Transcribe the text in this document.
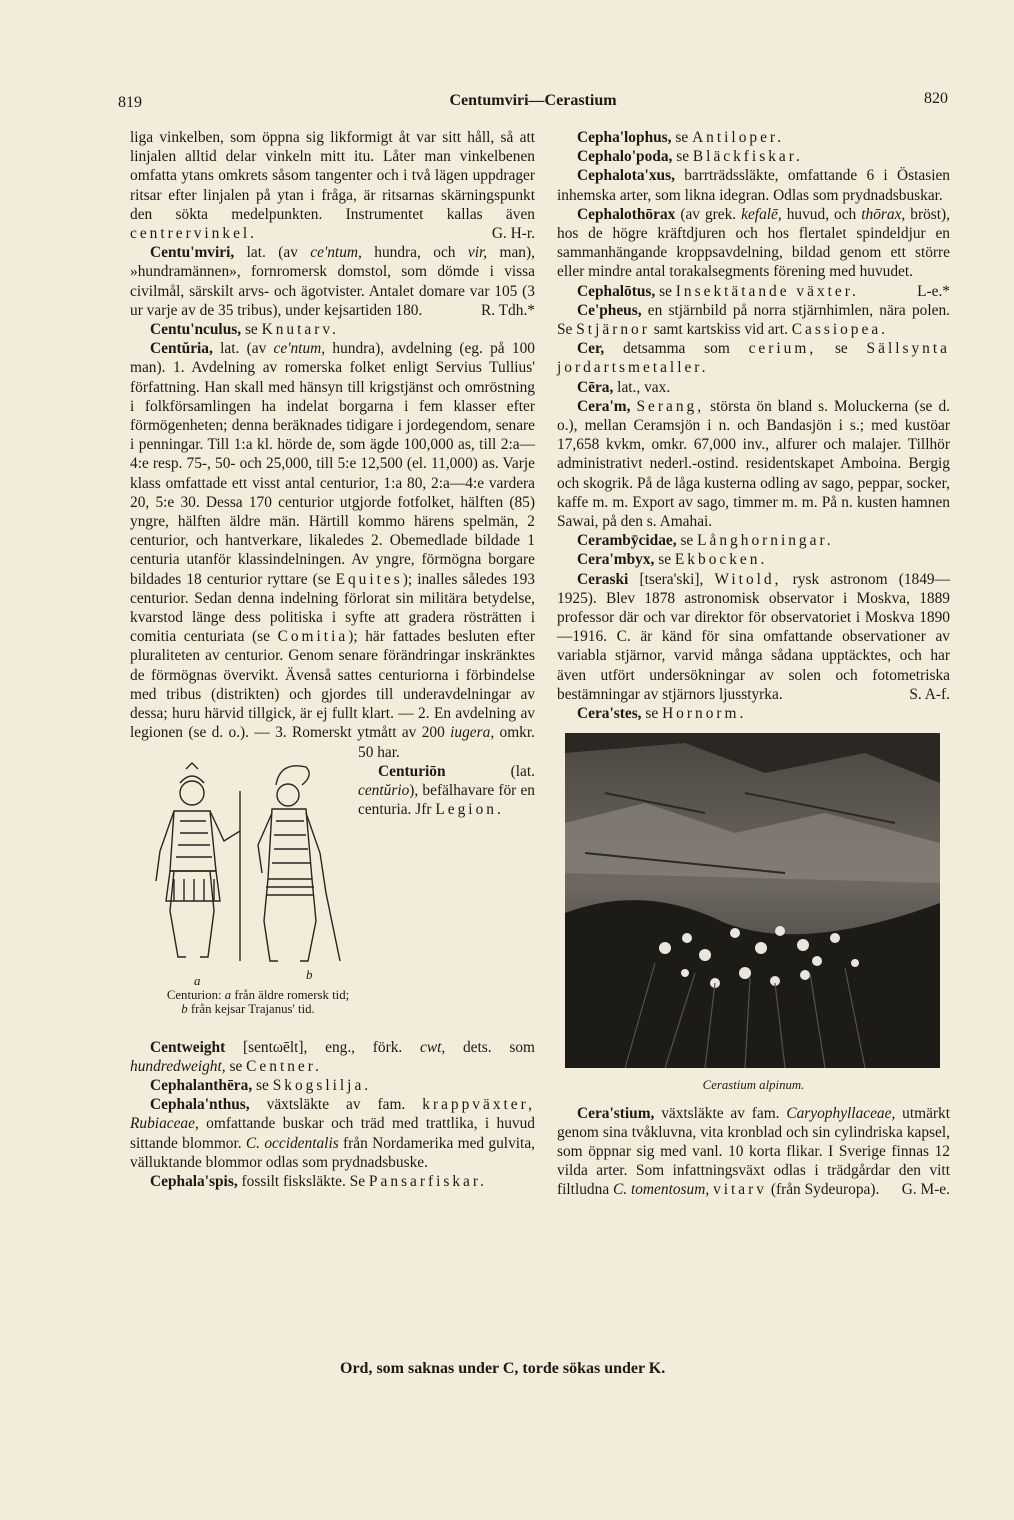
819	Centumviri—Cerastium	820

liga vinkelben, som öppna sig likformigt åt var sitt håll, så att linjalen alltid delar vinkeln mitt itu. Låter man vinkelbenen omfatta ytans omkrets såsom tangenter och i två lägen uppdrager ritsar efter linjalen på ytan i fråga, är ritsarnas skärningspunkt den sökta medelpunkten. Instrumentet kallas även centrervinkel.	G. H-r.

Centu'mviri, lat. (av ce'ntum, hundra, och vir, man), »hundramännen», fornromersk domstol, som dömde i vissa civilmål, särskilt arvs- och ägotvister. Antalet domare var 105 (3 ur varje av de 35 tribus), under kejsartiden 180.	R. Tdh.*

Centu'nculus, se Knutarv.

Centŭria, lat. (av ce'ntum, hundra), avdelning (eg. på 100 man). 1. Avdelning av romerska folket enligt Servius Tullius' författning. Han skall med hänsyn till krigstjänst och omröstning i folkförsamlingen ha indelat borgarna i fem klasser efter förmögenheten; denna beräknades tidigare i jordegendom, senare i penningar. Till 1:a kl. hörde de, som ägde 100,000 as, till 2:a—4:e resp. 75-, 50- och 25,000, till 5:e 12,500 (el. 11,000) as. Varje klass omfattade ett visst antal centurior, 1:a 80, 2:a—4:e vardera 20, 5:e 30. Dessa 170 centurior utgjorde fotfolket, hälften (85) yngre, hälften äldre män. Härtill kommo härens spelmän, 2 centurior, och hantverkare, likaledes 2. Obemedlade bildade 1 centuria utanför klassindelningen. Av yngre, förmögna borgare bildades 18 centurior ryttare (se Equites); inalles således 193 centurior. Sedan denna indelning förlorat sin militära betydelse, kvarstod länge dess politiska i syfte att gradera rösträtten i comitia centuriata (se Comitia); här fattades besluten efter pluraliteten av centurior. Genom senare förändringar inskränktes de förmögnas övervikt. Ävenså sattes centuriorna i förbindelse med tribus (distrikten) och gjordes till underavdelningar av dessa; huru härvid tillgick, är ej fullt klart. — 2. En avdelning av legionen (se d. o.). — 3. Romerskt ytmått av 200
a	b
Centurion: a från äldre romersk tid; b från kejsar Trajanus' tid.
iugera, omkr. 50 har.

Centuriōn (lat. centŭrio), befälhavare för en centuria. Jfr Legion.

Centweight [sentωēlt], eng., förk. cwt, dets. som hundredweight, se Centner.

Cephalanthēra, se Skogslilja.

Cephala'nthus, växtsläkte av fam. krappväxter, Rubiaceae, omfattande buskar och träd med trattlika, i huvud sittande blommor. C. occidentalis från Nordamerika med gulvita, välluktande blommor odlas som prydnadsbuske.

Cephala'spis, fossilt fisksläkte. Se Pansarfiskar.

Cepha'lophus, se Antiloper.

Cephalo'poda, se Bläckfiskar.

Cephalota'xus, barrträdssläkte, omfattande 6 i Östasien inhemska arter, som likna idegran. Odlas som prydnadsbuskar.

Cephalothōrax (av grek. kefalē, huvud, och thōrax, bröst), hos de högre kräftdjuren och hos flertalet spindeldjur en sammanhängande kroppsavdelning, bildad genom ett större eller mindre antal torakalsegments förening med huvudet.
L-e.*

Cephalōtus, se Insektätande växter.

Ce'pheus, en stjärnbild på norra stjärnhimlen, nära polen. Se Stjärnor samt kartskiss vid art. Cassiopea.

Cer, detsamma som cerium, se Sällsynta jordartsmetaller.

Cēra, lat., vax.

Cera'm, Serang, största ön bland s. Moluckerna (se d. o.), mellan Ceramsjön i n. och Bandasjön i s.; med kustöar 17,658 kvkm, omkr. 67,000 inv., alfurer och malajer. Tillhör administrativt nederl.-ostind. residentskapet Amboina. Bergig och skogrik. På de låga kusterna odling av sago, peppar, socker, kaffe m. m. Export av sago, timmer m. m. På n. kusten hamnen Sawai, på den s. Amahai.

Cerambȳcidae, se Långhorningar.

Cera'mbyx, se Ekbocken.

Ceraski [tsera'ski], Witold, rysk astronom (1849—1925). Blev 1878 astronomisk observator i Moskva, 1889 professor där och var direktor för observatoriet i Moskva 1890—1916. C. är känd för sina omfattande observationer av variabla stjärnor, varvid många sådana upptäcktes, och har även utfört undersökningar av solen och fotometriska bestämningar av stjärnors ljusstyrka.	S. A-f.

Cera'stes, se Hornorm.

Cerastium alpinum.

Cera'stium, växtsläkte av fam. Caryophyllaceae, utmärkt genom sina tvåkluvna, vita kronblad och sin cylindriska kapsel, som öppnar sig med vanl. 10 korta flikar. I Sverige finnas 12 vilda arter. Som infattningsväxt odlas i trädgårdar den vitt filtludna C. tomentosum, vitarv (från Sydeuropa).	G. M-e.

Ord, som saknas under C, torde sökas under K.
